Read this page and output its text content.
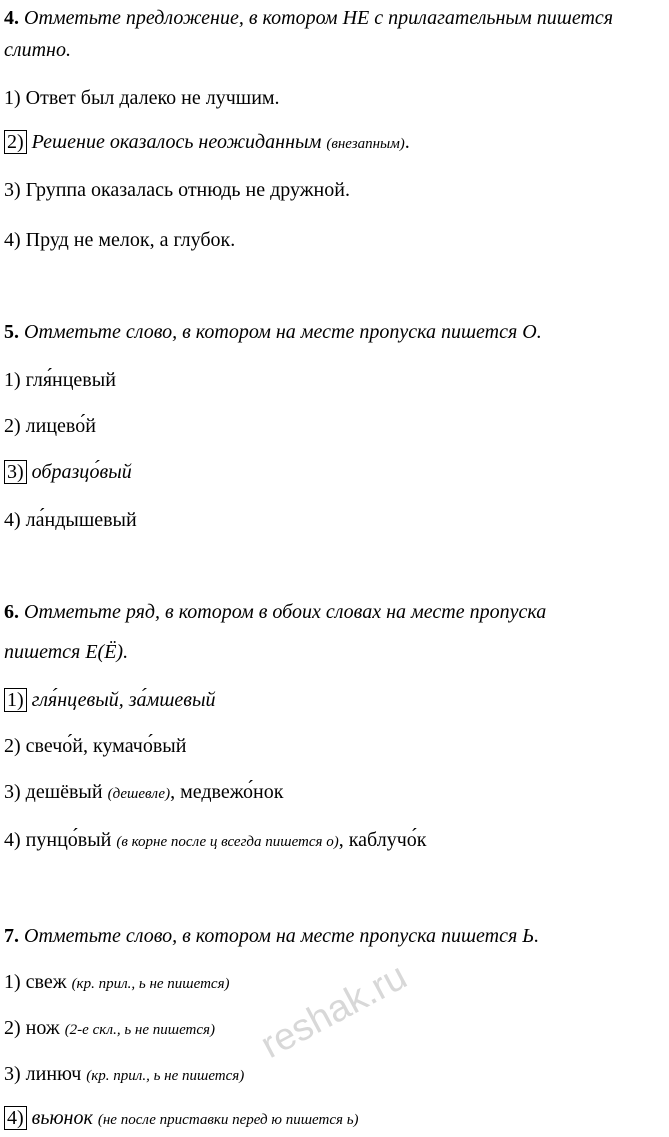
reshak.ru
4. Отметьте предложение, в котором НЕ с прилагательным пишется
слитно.
1) Ответ был далеко не лучшим.
2) Решение оказалось неожиданным (внезапным).
3) Группа оказалась отнюдь не дружной.
4) Пруд не мелок, а глубок.
5. Отметьте слово, в котором на месте пропуска пишется О.
1) гля́нцевый
2) лицево́й
3) образцо́вый
4) ла́ндышевый
6. Отметьте ряд, в котором в обоих словах на месте пропуска
пишется Е(Ё).
1) гля́нцевый, за́мшевый
2) свечо́й, кумачо́вый
3) дешёвый (дешевле), медвежо́нок
4) пунцо́вый (в корне после ц всегда пишется о), каблучо́к
7. Отметьте слово, в котором на месте пропуска пишется Ь.
1) свеж (кр. прил., ь не пишется)
2) нож (2-е скл., ь не пишется)
3) линюч (кр. прил., ь не пишется)
4) вьюнок (не после приставки перед ю пишется ь)
